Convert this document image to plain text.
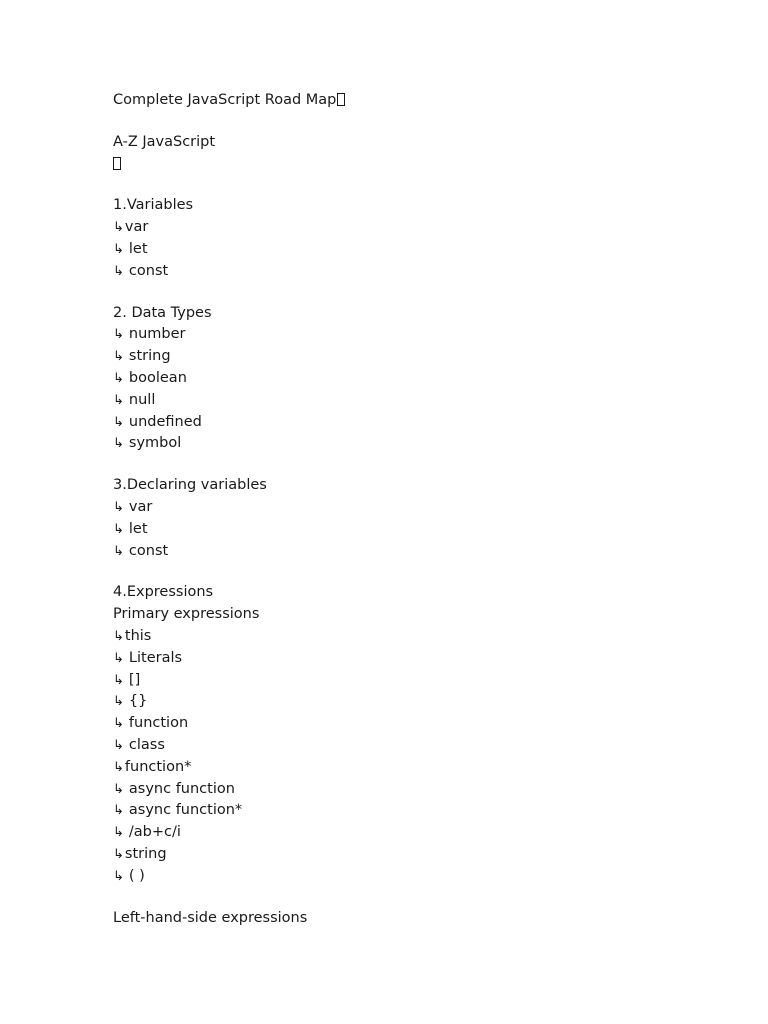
Complete JavaScript Road Map
A-Z JavaScript
1.Variables
↳var
↳ let
↳ const
2. Data Types
↳ number
↳ string
↳ boolean
↳ null
↳ undefined
↳ symbol
3.Declaring variables
↳ var
↳ let
↳ const
4.Expressions
Primary expressions
↳this
↳ Literals
↳ []
↳ {}
↳ function
↳ class
↳function*
↳ async function
↳ async function*
↳ /ab+c/i
↳string
↳ ( )
Left-hand-side expressions
